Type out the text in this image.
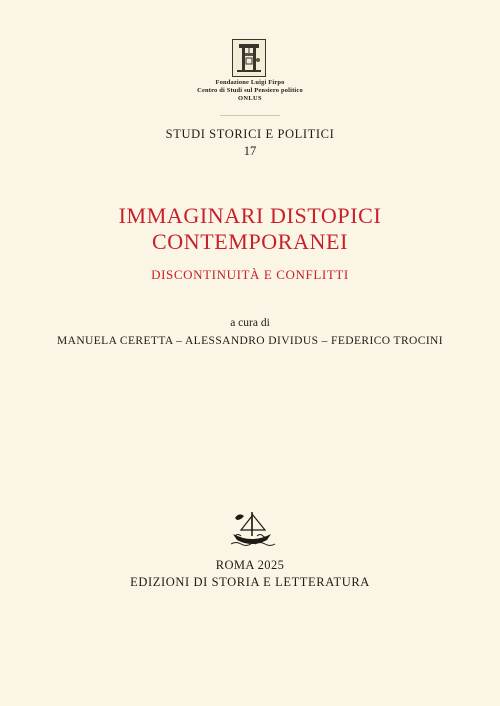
Fondazione Luigi Firpo
Centro di Studi sul Pensiero politico
ONLUS
STUDI STORICI E POLITICI
17
IMMAGINARI DISTOPICI
CONTEMPORANEI
DISCONTINUITÀ E CONFLITTI
a cura di
MANUELA CERETTA – ALESSANDRO DIVIDUS – FEDERICO TROCINI
ROMA 2025
EDIZIONI DI STORIA E LETTERATURA
